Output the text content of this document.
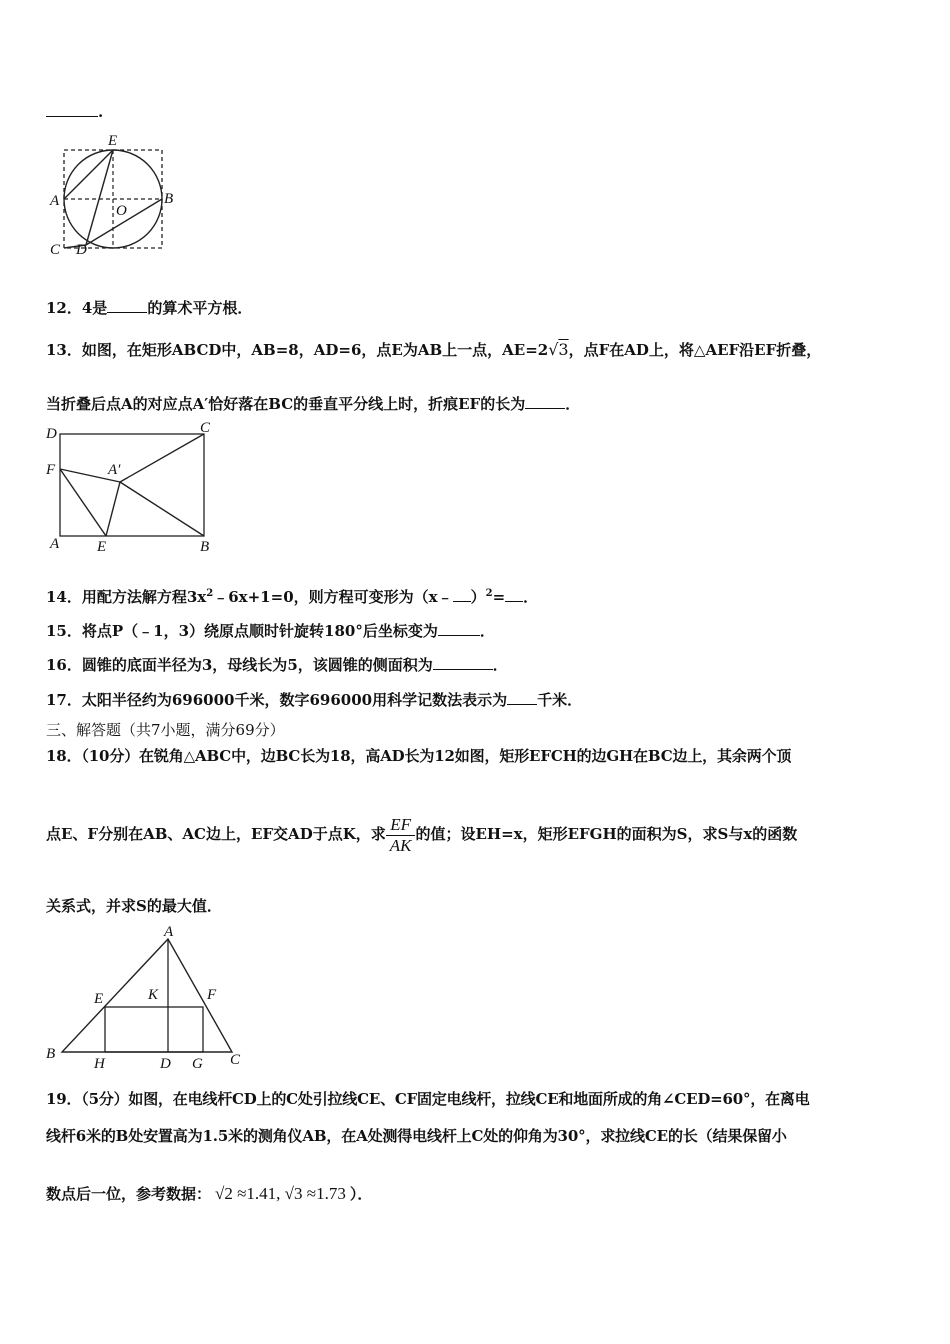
.
E
A
O
B
C D
12．4是	的算术平方根．
13．如图，在矩形ABCD中，AB=8，AD=6，点E为AB上一点，AE=2√3，点F在AD上，将△AEF沿EF折叠，
当折叠后点A的对应点A′恰好落在BC的垂直平分线上时，折痕EF的长为	．
D	C
F	A′
A	E	B
14．用配方法解方程$3x^2﹣6x+1=0$，则方程可变形为（x﹣ ）$^2$= ．
15．将点P（﹣1，3）绕原点顺时针旋转180°后坐标变为	．
16．圆锥的底面半径为3，母线长为5，该圆锥的侧面积为	．
17．太阳半径约为696000千米，数字696000用科学记数法表示为 千米．
三、解答题（共7小题，满分69分）
18．（10分）在锐角△ABC中，边BC长为18，高AD长为12如图，矩形EFCH的边GH在BC边上，其余两个顶
点E、F分别在AB、AC边上，EF交AD于点K，求 $\frac{EF}{AK}$ 的值；设EH=x，矩形EFGH的面积为S，求S与x的函数
关系式，并求S的最大值．
A
E	K	F
B
H	D G C
19．（5分）如图，在电线杆CD上的C处引拉线CE、CF固定电线杆，拉线CE和地面所成的角∠CED=60°，在离电
线杆6米的B处安置高为1.5米的测角仪AB，在A处测得电线杆上C处的仰角为30°，求拉线CE的长（结果保留小
数点后一位，参考数据： √2 ≈1.41, √3 ≈1.73 ）．
